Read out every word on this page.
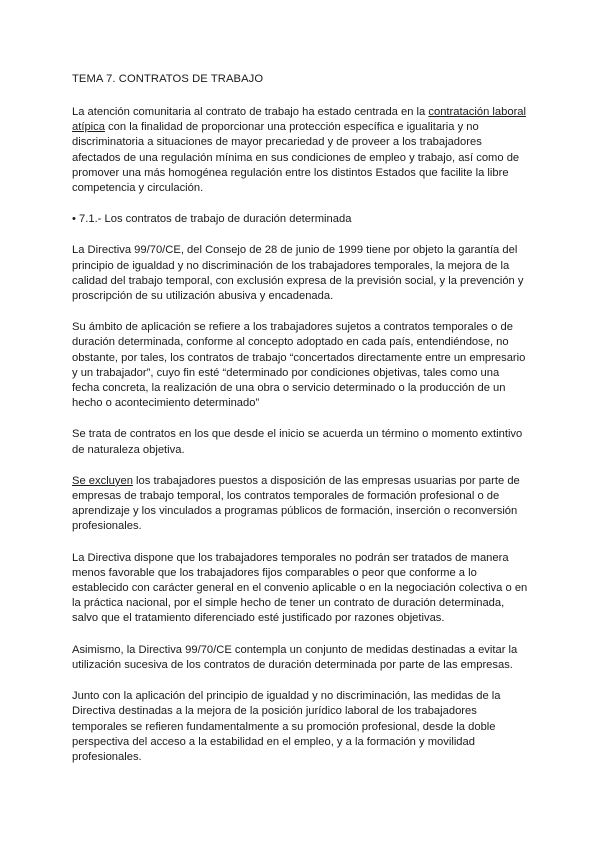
TEMA 7. CONTRATOS DE TRABAJO

La atención comunitaria al contrato de trabajo ha estado centrada en la contratación laboral atípica con la finalidad de proporcionar una protección específica e igualitaria y no discriminatoria a situaciones de mayor precariedad y de proveer a los trabajadores afectados de una regulación mínima en sus condiciones de empleo y trabajo, así como de promover una más homogénea regulación entre los distintos Estados que facilite la libre competencia y circulación.

• 7.1.- Los contratos de trabajo de duración determinada

La Directiva 99/70/CE, del Consejo de 28 de junio de 1999 tiene por objeto la garantía del principio de igualdad y no discriminación de los trabajadores temporales, la mejora de la calidad del trabajo temporal, con exclusión expresa de la previsión social, y la prevención y proscripción de su utilización abusiva y encadenada.

Su ámbito de aplicación se refiere a los trabajadores sujetos a contratos temporales o de duración determinada, conforme al concepto adoptado en cada país, entendiéndose, no obstante, por tales, los contratos de trabajo “concertados directamente entre un empresario y un trabajador”, cuyo fin esté “determinado por condiciones objetivas, tales como una fecha concreta, la realización de una obra o servicio determinado o la producción de un hecho o acontecimiento determinado”

Se trata de contratos en los que desde el inicio se acuerda un término o momento extintivo de naturaleza objetiva.

Se excluyen los trabajadores puestos a disposición de las empresas usuarias por parte de empresas de trabajo temporal, los contratos temporales de formación profesional o de aprendizaje y los vinculados a programas públicos de formación, inserción o reconversión profesionales.

La Directiva dispone que los trabajadores temporales no podrán ser tratados de manera menos favorable que los trabajadores fijos comparables o peor que conforme a lo establecido con carácter general en el convenio aplicable o en la negociación colectiva o en la práctica nacional, por el simple hecho de tener un contrato de duración determinada, salvo que el tratamiento diferenciado esté justificado por razones objetivas.

Asimismo, la Directiva 99/70/CE contempla un conjunto de medidas destinadas a evitar la utilización sucesiva de los contratos de duración determinada por parte de las empresas.

Junto con la aplicación del principio de igualdad y no discriminación, las medidas de la Directiva destinadas a la mejora de la posición jurídico laboral de los trabajadores temporales se refieren fundamentalmente a su promoción profesional, desde la doble perspectiva del acceso a la estabilidad en el empleo, y a la formación y movilidad profesionales.
